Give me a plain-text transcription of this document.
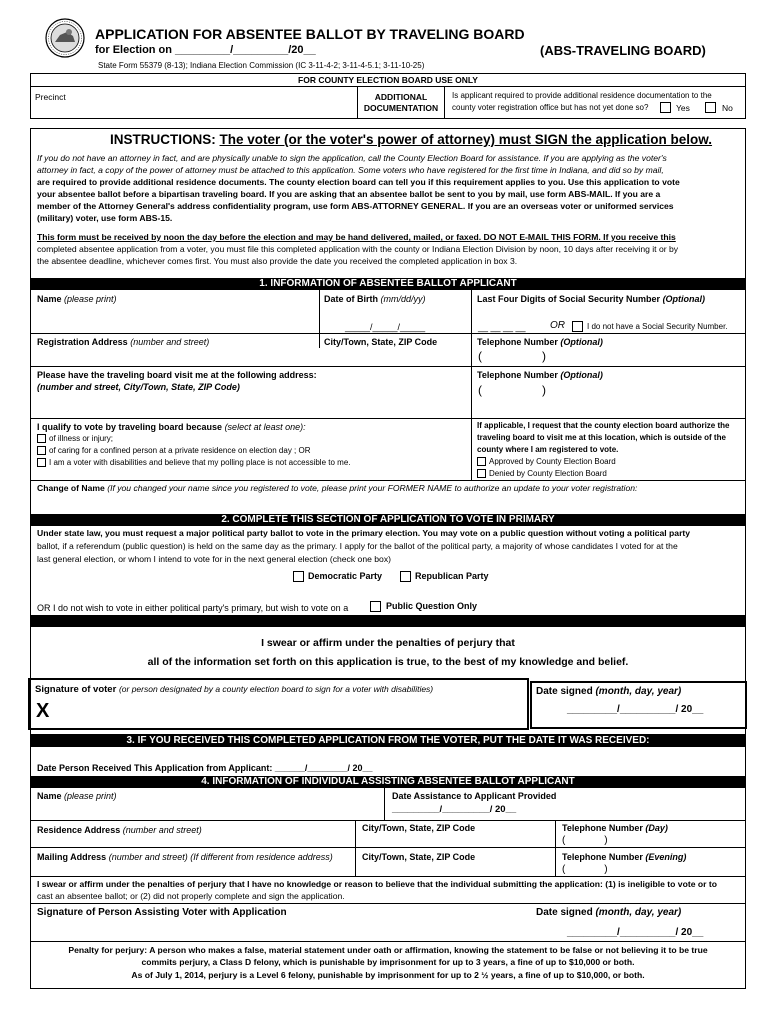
APPLICATION FOR ABSENTEE BALLOT BY TRAVELING BOARD
for Election on _________/_________/20__	(ABS-TRAVELING BOARD)
State Form 55379 (8-13); Indiana Election Commission (IC 3-11-4-2; 3-11-4-5.1; 3-11-10-25)
FOR COUNTY ELECTION BOARD USE ONLY
Precinct	ADDITIONAL
DOCUMENTATION
Is applicant required to provide additional residence documentation to the
county voter registration office but has not yet done so?	Yes	No
INSTRUCTIONS: The voter (or the voter's power of attorney) must SIGN the application below.
If you do not have an attorney in fact, and are physically unable to sign the application, call the County Election Board for assistance. If you are applying as the voter's
attorney in fact, a copy of the power of attorney must be attached to this application. Some voters who have registered for the first time in Indiana, and did so by mail,
are required to provide additional residence documents. The county election board can tell you if this requirement applies to you. Use this application to vote
your absentee ballot before a bipartisan traveling board. If you are asking that an absentee ballot be sent to you by mail, use form ABS-MAIL. If you are a
member of the Attorney General's address confidentiality program, use form ABS-ATTORNEY GENERAL. If you are an overseas voter or uniformed services
(military) voter, use form ABS-15.
This form must be received by noon the day before the election and may be hand delivered, mailed, or faxed. DO NOT E-MAIL THIS FORM. If you receive this
completed absentee application from a voter, you must file this completed application with the county or Indiana Election Division by noon, 10 days after receiving it or by
the absentee deadline, whichever comes first. You must also provide the date you received the completed application in box 3.
1. INFORMATION OF ABSENTEE BALLOT APPLICANT
Name (please print)	Date of Birth (mm/dd/yy)
_____/_____/_____
Last Four Digits of Social Security Number (Optional)
__ __ __ __ OR	I do not have a Social Security Number.
Registration Address (number and street)	City/Town, State, ZIP Code	Telephone Number (Optional)
(                  )
Please have the traveling board visit me at the following address:
(number and street, City/Town, State, ZIP Code)
Telephone Number (Optional)
(                  )
I qualify to vote by traveling board because (select at least one):
of illness or injury;
of caring for a confined person at a private residence on election day ; OR
I am a voter with disabilities and believe that my polling place is not accessible to me.
If applicable, I request that the county election board authorize the
traveling board to visit me at this location, which is outside of the
county where I am registered to vote.
Approved by County Election Board
Denied by County Election Board
Change of Name (If you changed your name since you registered to vote, please print your FORMER NAME to authorize an update to your voter registration:
2. COMPLETE THIS SECTION OF APPLICATION TO VOTE IN PRIMARY
Under state law, you must request a major political party ballot to vote in the primary election. You may vote on a public question without voting a political party
ballot, if a referendum (public question) is held on the same day as the primary. I apply for the ballot of the political party, a majority of whose candidates I voted for at the
last general election, or whom I intend to vote for in the next general election (check one box)
Democratic Party	Republican Party
OR I do not wish to vote in either political party's primary, but wish to vote on a	Public Question Only
I swear or affirm under the penalties of perjury that
all of the information set forth on this application is true, to the best of my knowledge and belief.
Signature of voter (or person designated by a county election board to sign for a voter with disabilities)
X
Date signed (month, day, year)
_________/__________/ 20__
3. IF YOU RECEIVED THIS COMPLETED APPLICATION FROM THE VOTER, PUT THE DATE IT WAS RECEIVED:
Date Person Received This Application from Applicant: ______/________/ 20__
4. INFORMATION OF INDIVIDUAL ASSISTING ABSENTEE BALLOT APPLICANT
Name (please print)	Date Assistance to Applicant Provided
_________/_________/ 20__
Residence Address (number and street)	City/Town, State, ZIP Code	Telephone Number (Day)
(              )
Mailing Address (number and street) (If different from residence address)	City/Town, State, ZIP Code	Telephone Number (Evening)
(              )
I swear or affirm under the penalties of perjury that I have no knowledge or reason to believe that the individual submitting the application: (1) is ineligible to vote or to
cast an absentee ballot; or (2) did not properly complete and sign the application.
Signature of Person Assisting Voter with Application	Date signed (month, day, year)
_________/__________/ 20__
Penalty for perjury: A person who makes a false, material statement under oath or affirmation, knowing the statement to be false or not believing it to be true
commits perjury, a Class D felony, which is punishable by imprisonment for up to 3 years, a fine of up to $10,000 or both.
As of July 1, 2014, perjury is a Level 6 felony, punishable by imprisonment for up to 2 ½ years, a fine of up to $10,000, or both.
